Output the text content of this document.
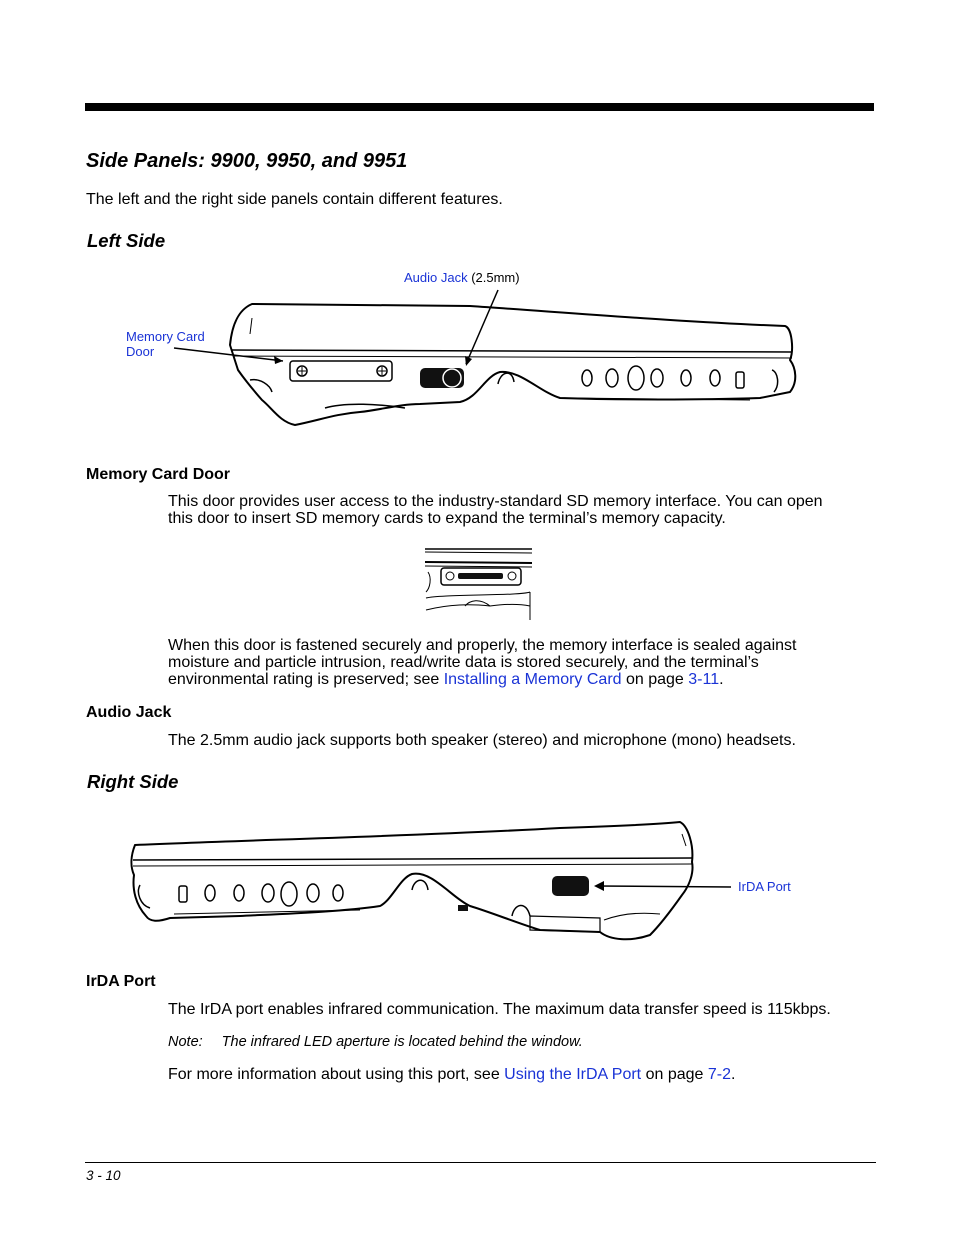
Side Panels: 9900, 9950, and 9951
The left and the right side panels contain different features.
Left Side
Audio Jack (2.5mm)
Memory Card
Door
Memory Card Door
This door provides user access to the industry-standard SD memory interface. You can open
this door to insert SD memory cards to expand the terminal’s memory capacity.
When this door is fastened securely and properly, the memory interface is sealed against
moisture and particle intrusion, read/write data is stored securely, and the terminal’s
environmental rating is preserved; see Installing a Memory Card on page 3-11.
Audio Jack
The 2.5mm audio jack supports both speaker (stereo) and microphone (mono) headsets.
Right Side
IrDA Port
IrDA Port
The IrDA port enables infrared communication. The maximum data transfer speed is 115kbps.
Note: The infrared LED aperture is located behind the window.
For more information about using this port, see Using the IrDA Port on page 7-2.
3 - 10
